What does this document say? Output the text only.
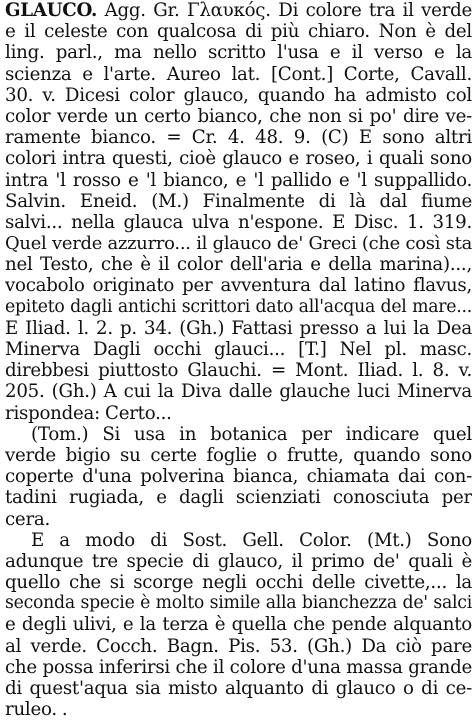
GLAUCO. Agg. Gr. Γλαυκός. Di colore tra il verde
e il celeste con qualcosa di più chiaro. Non è del
ling. parl., ma nello scritto l'usa e il verso e la
scienza e l'arte. Aureo lat. [Cont.] Corte, Cavall.
30. v. Dicesi color glauco, quando ha admisto col
color verde un certo bianco, che non si po' dire ve-
ramente bianco. = Cr. 4. 48. 9. (C) E sono altri
colori intra questi, cioè glauco e roseo, i quali sono
intra 'l rosso e 'l bianco, e 'l pallido e 'l suppallido.
Salvin. Eneid. (M.) Finalmente di là dal fiume
salvi... nella glauca ulva n'espone. E Disc. 1. 319.
Quel verde azzurro... il glauco de' Greci (che così sta
nel Testo, che è il color dell'aria e della marina)...,
vocabolo originato per avventura dal latino flavus,
epiteto dagli antichi scrittori dato all'acqua del mare...
E Iliad. l. 2. p. 34. (Gh.) Fattasi presso a lui la Dea
Minerva Dagli occhi glauci... [T.] Nel pl. masc.
direbbesi piuttosto Glauchi. = Mont. Iliad. l. 8. v.
205. (Gh.) A cui la Diva dalle glauche luci Minerva
rispondea: Certo...
(Tom.) Si usa in botanica per indicare quel
verde bigio su certe foglie o frutte, quando sono
coperte d'una polverina bianca, chiamata dai con-
tadini rugiada, e dagli scienziati conosciuta per
cera.
E a modo di Sost. Gell. Color. (Mt.) Sono
adunque tre specie di glauco, il primo de' quali è
quello che si scorge negli occhi delle civette,... la
seconda specie è molto simile alla bianchezza de' salci
e degli ulivi, e la terza è quella che pende alquanto
al verde. Cocch. Bagn. Pis. 53. (Gh.) Da ciò pare
che possa inferirsi che il colore d'una massa grande
di quest'aqua sia misto alquanto di glauco o di ce-
ruleo. .
